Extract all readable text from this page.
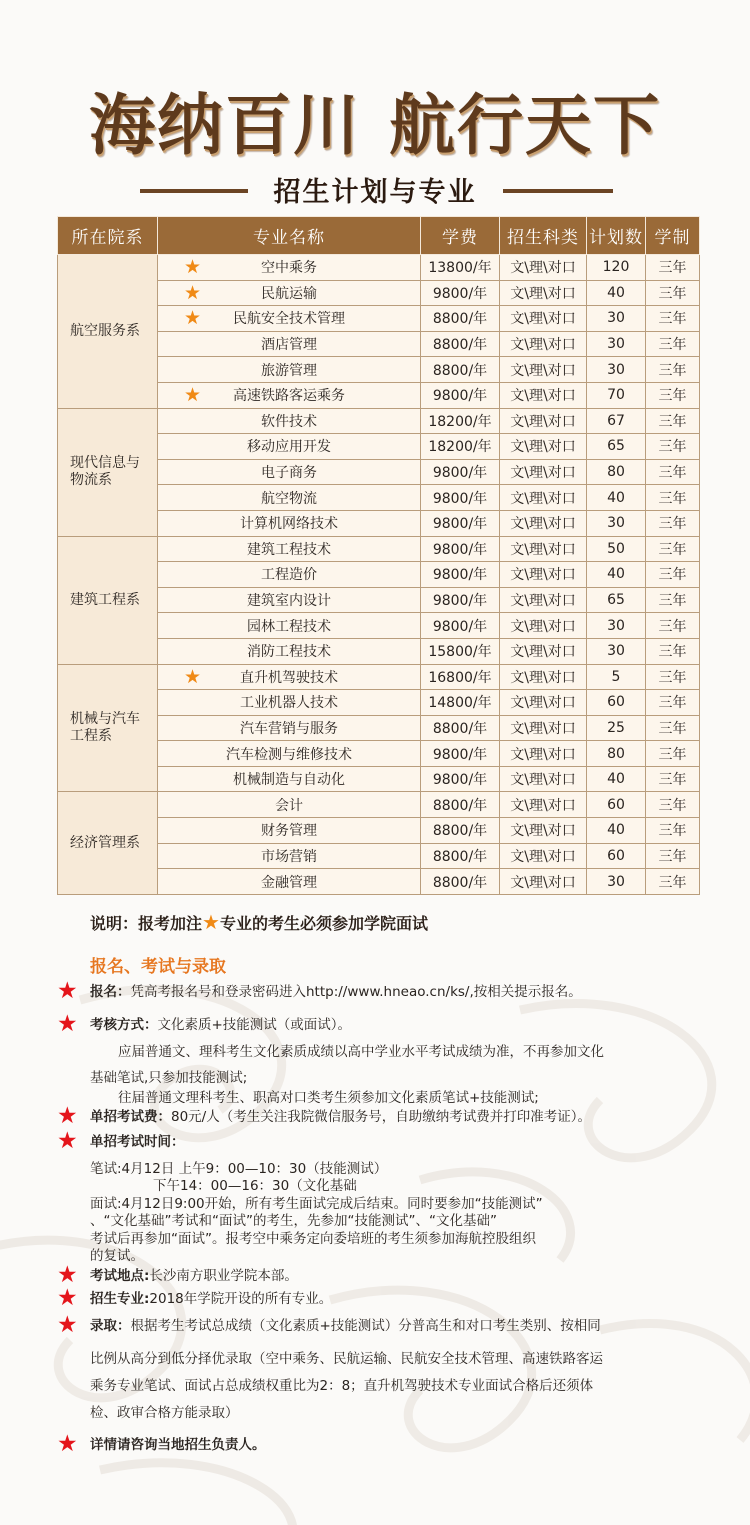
海纳百川 航行天下
招生计划与专业
所在院系	专业名称	学费	招生科类	计划数	学制
航空服务系	★ 空中乘务	13800/年	文\理\对口	120	三年

	★ 民航运输	9800/年	文\理\对口	40	三年

	★ 民航安全技术管理	8800/年	文\理\对口	30	三年
	酒店管理	8800/年	文\理\对口	30	三年
	旅游管理	8800/年	文\理\对口	30	三年

	★ 高速铁路客运乘务	9800/年	文\理\对口	70	三年
现代信息与
物流系	软件技术	18200/年	文\理\对口	67	三年
	移动应用开发	18200/年	文\理\对口	65	三年
	电子商务	9800/年	文\理\对口	80	三年
	航空物流	9800/年	文\理\对口	40	三年
	计算机网络技术	9800/年	文\理\对口	30	三年
建筑工程系	建筑工程技术	9800/年	文\理\对口	50	三年
	工程造价	9800/年	文\理\对口	40	三年
	建筑室内设计	9800/年	文\理\对口	65	三年
	园林工程技术	9800/年	文\理\对口	30	三年
	消防工程技术	15800/年	文\理\对口	30	三年
机械与汽车
工程系	★ 直升机驾驶技术	16800/年	文\理\对口	5	三年
	工业机器人技术	14800/年	文\理\对口	60	三年
	汽车营销与服务	8800/年	文\理\对口	25	三年
	汽车检测与维修技术	9800/年	文\理\对口	80	三年
	机械制造与自动化	9800/年	文\理\对口	40	三年
经济管理系	会计	8800/年	文\理\对口	60	三年
	财务管理	8800/年	文\理\对口	40	三年
	市场营销	8800/年	文\理\对口	60	三年
	金融管理	8800/年	文\理\对口	30	三年
说明：报考加注★专业的考生必须参加学院面试
报名、考试与录取
★ 报名：凭高考报名号和登录密码进入http://www.hneao.cn/ks/,按相关提示报名。
★ 考核方式：文化素质+技能测试（或面试）。
应届普通文、理科考生文化素质成绩以高中学业水平考试成绩为准，不再参加文化
基础笔试,只参加技能测试;
往届普通文理科考生、职高对口类考生须参加文化素质笔试+技能测试;
★ 单招考试费：80元/人（考生关注我院微信服务号，自助缴纳考试费并打印准考证）。
★ 单招考试时间：
笔试:4月12日 上午9：00—10：30（技能测试）
下午14：00—16：30（文化基础
面试:4月12日9:00开始，所有考生面试完成后结束。同时要参加“技能测试”
、“文化基础”考试和“面试”的考生，先参加“技能测试”、“文化基础”
考试后再参加“面试”。报考空中乘务定向委培班的考生须参加海航控股组织
的复试。
★ 考试地点:长沙南方职业学院本部。
★ 招生专业:2018年学院开设的所有专业。
★ 录取：根据考生考试总成绩（文化素质+技能测试）分普高生和对口考生类别、按相同
比例从高分到低分择优录取（空中乘务、民航运输、民航安全技术管理、高速铁路客运
乘务专业笔试、面试占总成绩权重比为2：8；直升机驾驶技术专业面试合格后还须体
检、政审合格方能录取）
★ 详情请咨询当地招生负责人。
